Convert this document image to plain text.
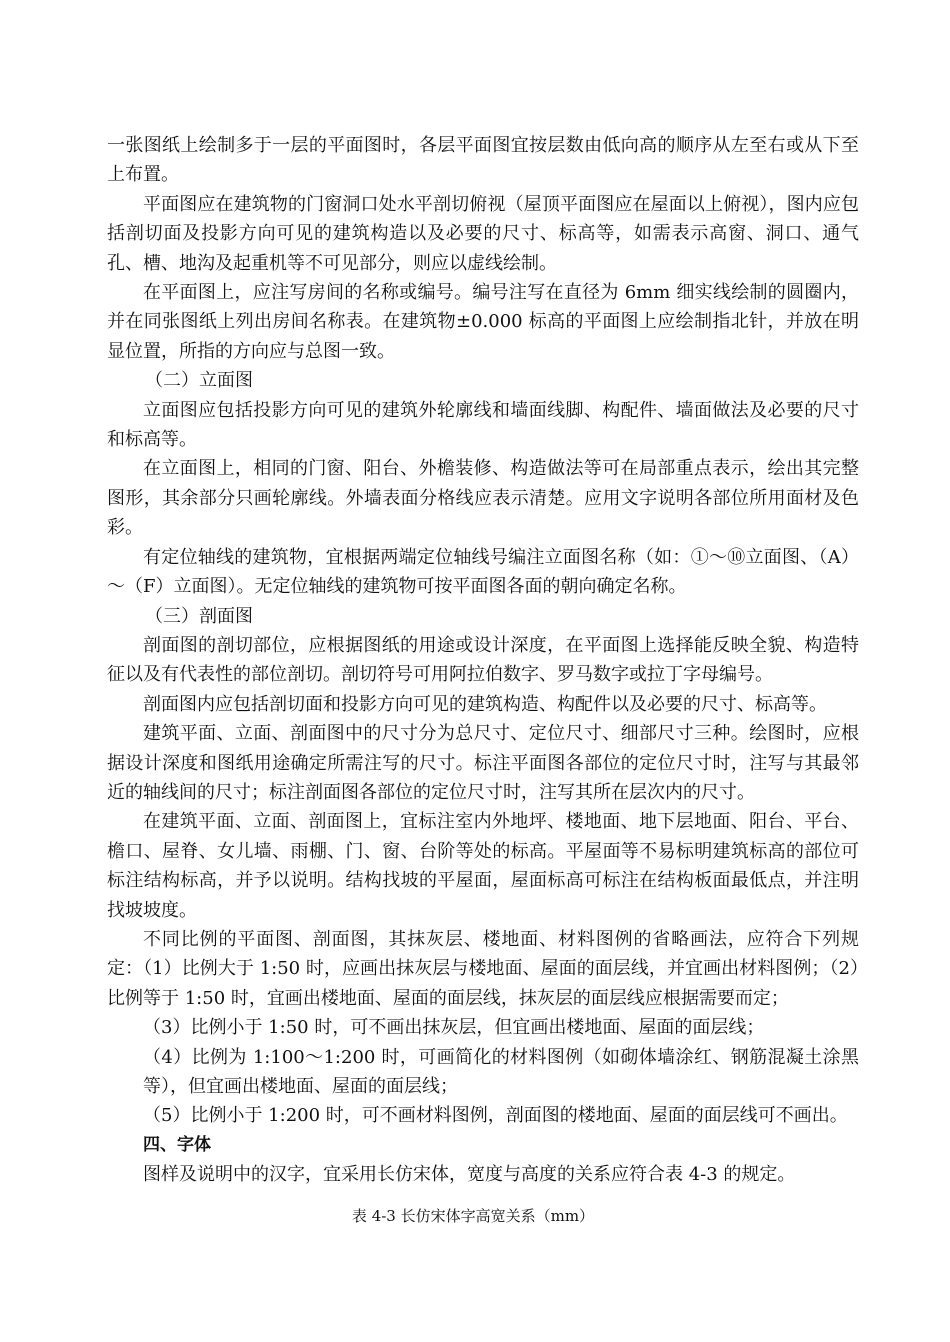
一张图纸上绘制多于一层的平面图时，各层平面图宜按层数由低向高的顺序从左至右或从下至上布置。

平面图应在建筑物的门窗洞口处水平剖切俯视（屋顶平面图应在屋面以上俯视），图内应包括剖切面及投影方向可见的建筑构造以及必要的尺寸、标高等，如需表示高窗、洞口、通气孔、槽、地沟及起重机等不可见部分，则应以虚线绘制。

在平面图上，应注写房间的名称或编号。编号注写在直径为 6mm 细实线绘制的圆圈内，并在同张图纸上列出房间名称表。在建筑物±0.000 标高的平面图上应绘制指北针，并放在明显位置，所指的方向应与总图一致。

（二）立面图

立面图应包括投影方向可见的建筑外轮廓线和墙面线脚、构配件、墙面做法及必要的尺寸和标高等。

在立面图上，相同的门窗、阳台、外檐装修、构造做法等可在局部重点表示，绘出其完整图形，其余部分只画轮廓线。外墙表面分格线应表示清楚。应用文字说明各部位所用面材及色彩。

有定位轴线的建筑物，宜根据两端定位轴线号编注立面图名称（如：①～⑩立面图、（A）～（F）立面图）。无定位轴线的建筑物可按平面图各面的朝向确定名称。

（三）剖面图

剖面图的剖切部位，应根据图纸的用途或设计深度，在平面图上选择能反映全貌、构造特征以及有代表性的部位剖切。剖切符号可用阿拉伯数字、罗马数字或拉丁字母编号。

剖面图内应包括剖切面和投影方向可见的建筑构造、构配件以及必要的尺寸、标高等。

建筑平面、立面、剖面图中的尺寸分为总尺寸、定位尺寸、细部尺寸三种。绘图时，应根据设计深度和图纸用途确定所需注写的尺寸。标注平面图各部位的定位尺寸时，注写与其最邻近的轴线间的尺寸；标注剖面图各部位的定位尺寸时，注写其所在层次内的尺寸。

在建筑平面、立面、剖面图上，宜标注室内外地坪、楼地面、地下层地面、阳台、平台、檐口、屋脊、女儿墙、雨棚、门、窗、台阶等处的标高。平屋面等不易标明建筑标高的部位可标注结构标高，并予以说明。结构找坡的平屋面，屋面标高可标注在结构板面最低点，并注明找坡坡度。

不同比例的平面图、剖面图，其抹灰层、楼地面、材料图例的省略画法，应符合下列规定：（1）比例大于 1:50 时，应画出抹灰层与楼地面、屋面的面层线，并宜画出材料图例；（2）比例等于 1:50 时，宜画出楼地面、屋面的面层线，抹灰层的面层线应根据需要而定；

（3）比例小于 1:50 时，可不画出抹灰层，但宜画出楼地面、屋面的面层线；

（4）比例为 1:100～1:200 时，可画简化的材料图例（如砌体墙涂红、钢筋混凝土涂黑等），但宜画出楼地面、屋面的面层线；

（5）比例小于 1:200 时，可不画材料图例，剖面图的楼地面、屋面的面层线可不画出。

四、字体

图样及说明中的汉字，宜采用长仿宋体，宽度与高度的关系应符合表 4-3 的规定。

表 4-3 长仿宋体字高宽关系（mm）
